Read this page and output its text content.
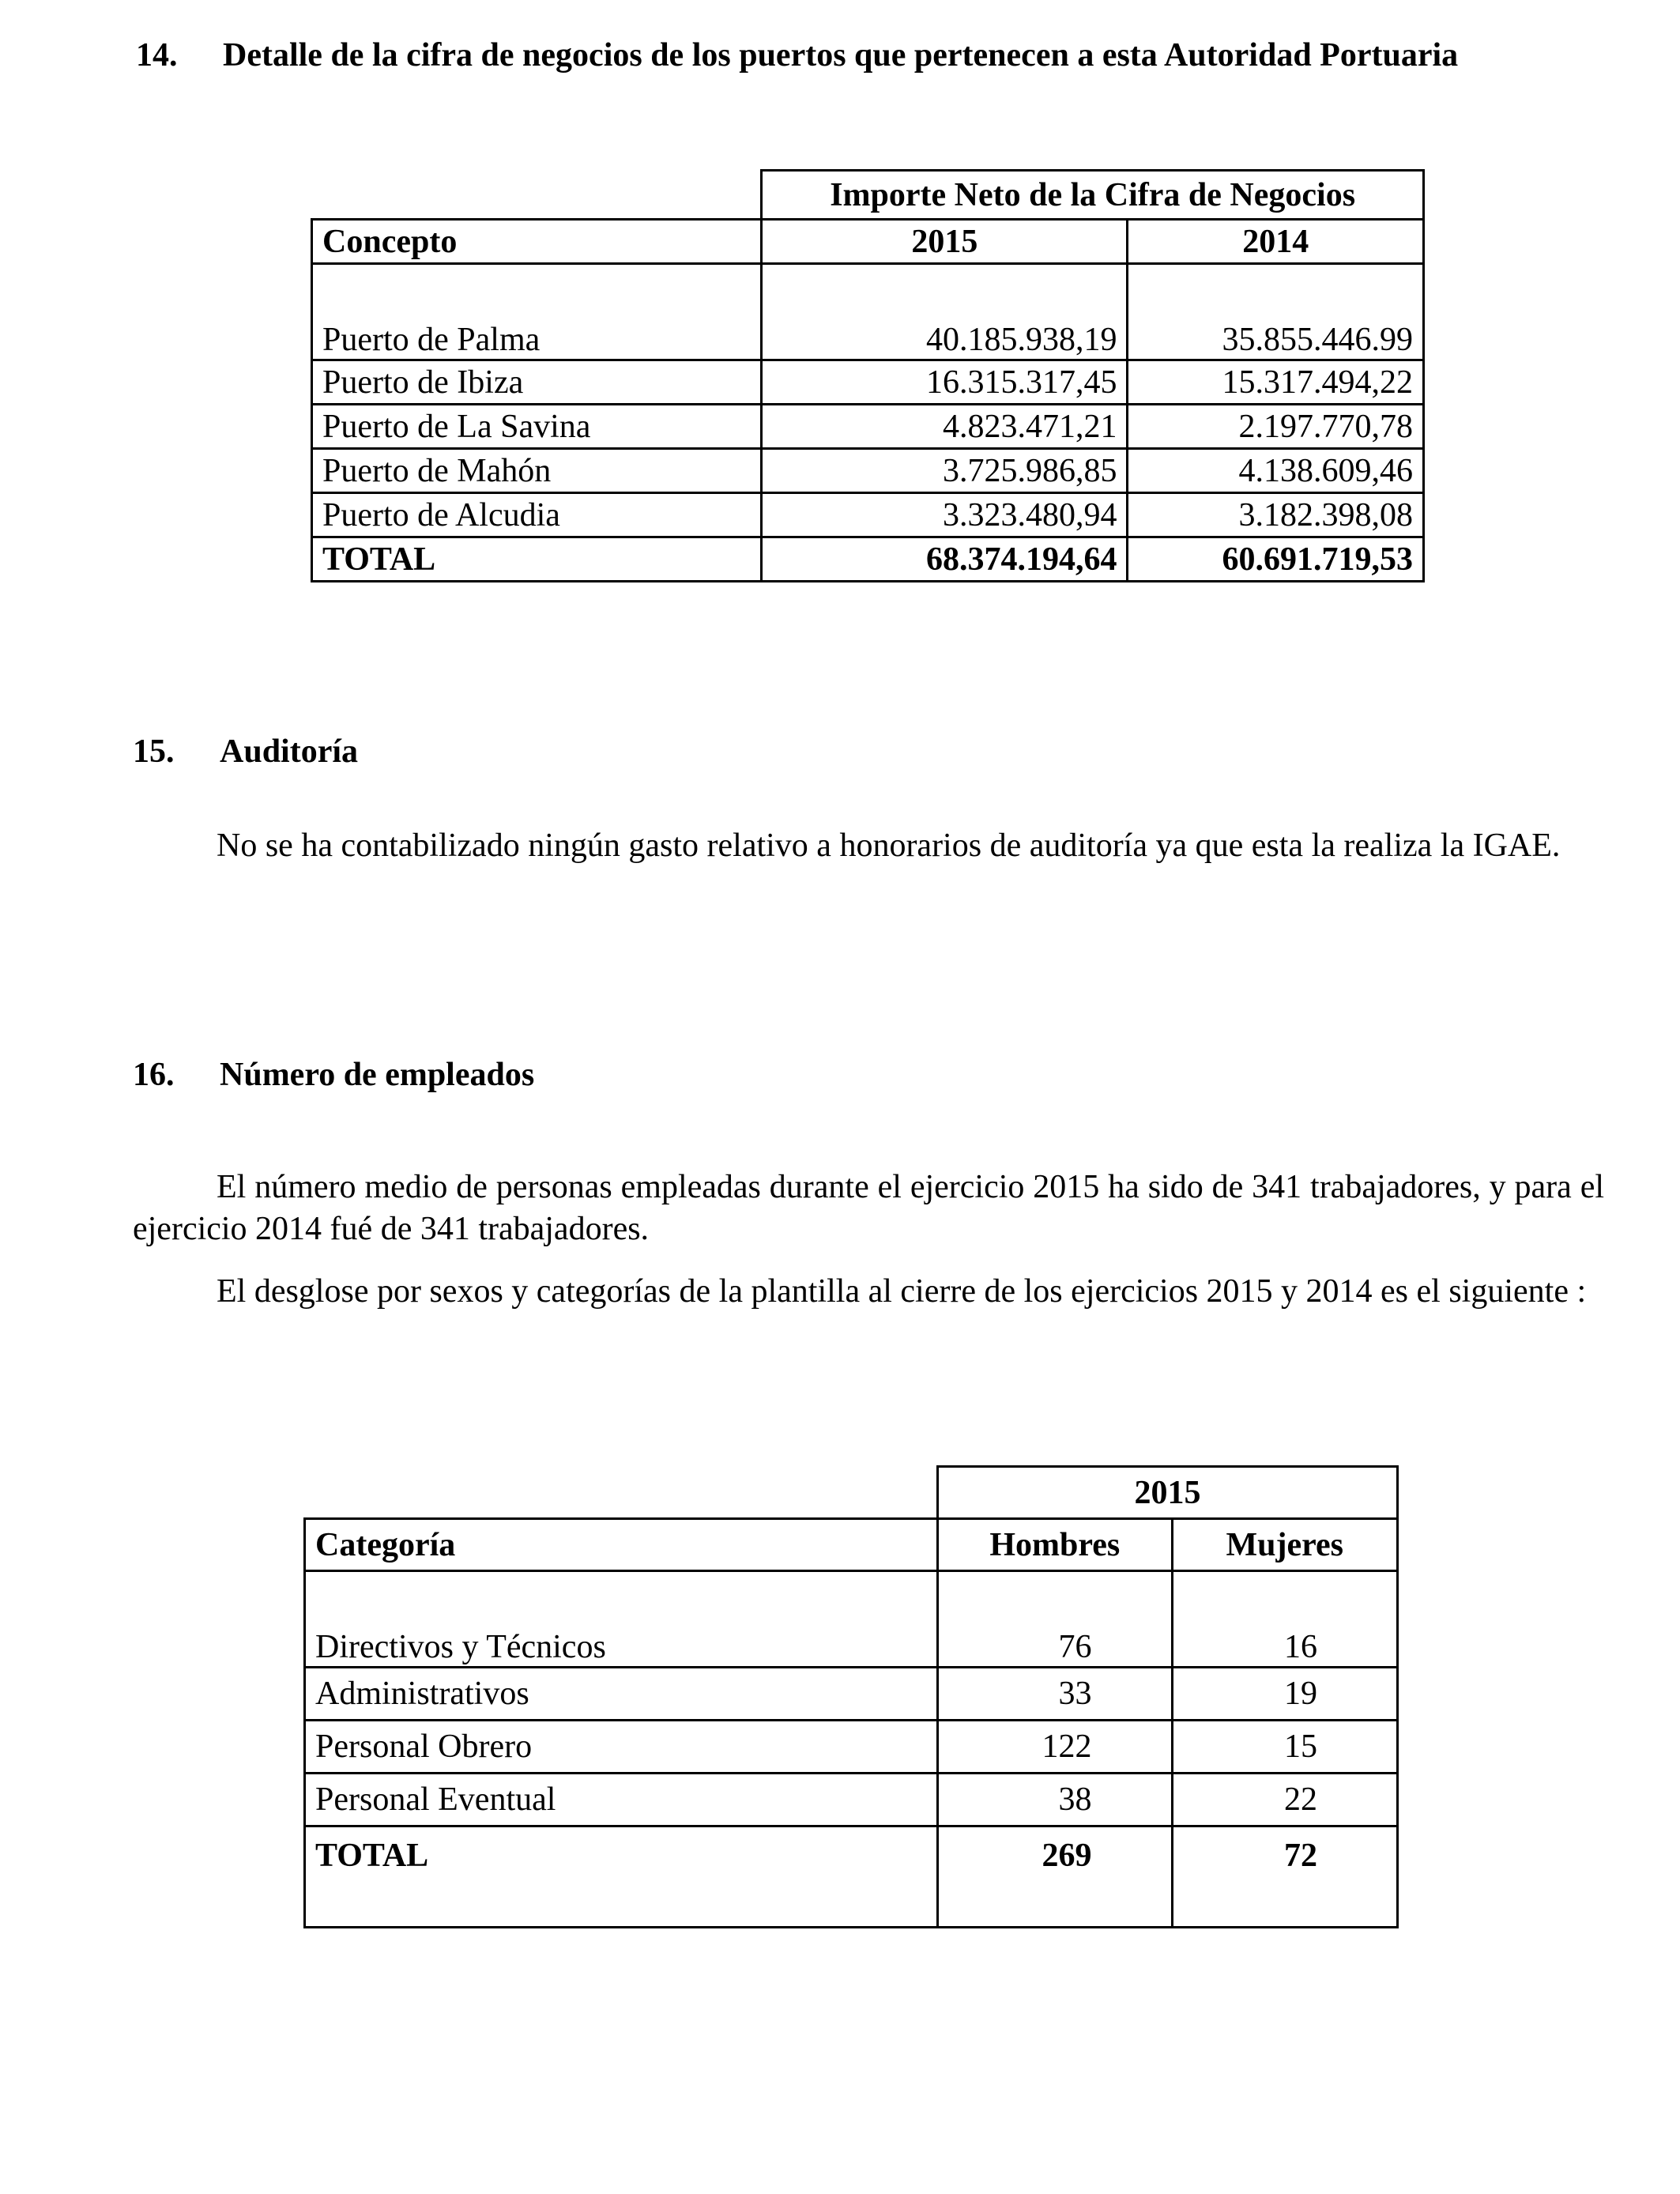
14. Detalle de la cifra de negocios de los puertos que pertenecen a esta Autoridad Portuaria
	Importe Neto de la Cifra de Negocios	
Concepto	2015	2014
Puerto de Palma	40.185.938,19	35.855.446.99
Puerto de Ibiza	16.315.317,45	15.317.494,22
Puerto de La Savina	4.823.471,21	2.197.770,78
Puerto de Mahón	3.725.986,85	4.138.609,46
Puerto de Alcudia	3.323.480,94	3.182.398,08
TOTAL	68.374.194,64	60.691.719,53
15. Auditoría
No se ha contabilizado ningún gasto relativo a honorarios de auditoría ya que esta la realiza la IGAE.
16. Número de empleados
El número medio de personas empleadas durante el ejercicio 2015 ha sido de 341 trabajadores, y para el ejercicio 2014 fué de 341 trabajadores.
El desglose por sexos y categorías de la plantilla al cierre de los ejercicios 2015 y 2014 es el siguiente :
	2015	
Categoría	Hombres	Mujeres
Directivos y Técnicos	76	16
Administrativos	33	19
Personal Obrero	122	15
Personal Eventual	38	22
TOTAL	269	72
